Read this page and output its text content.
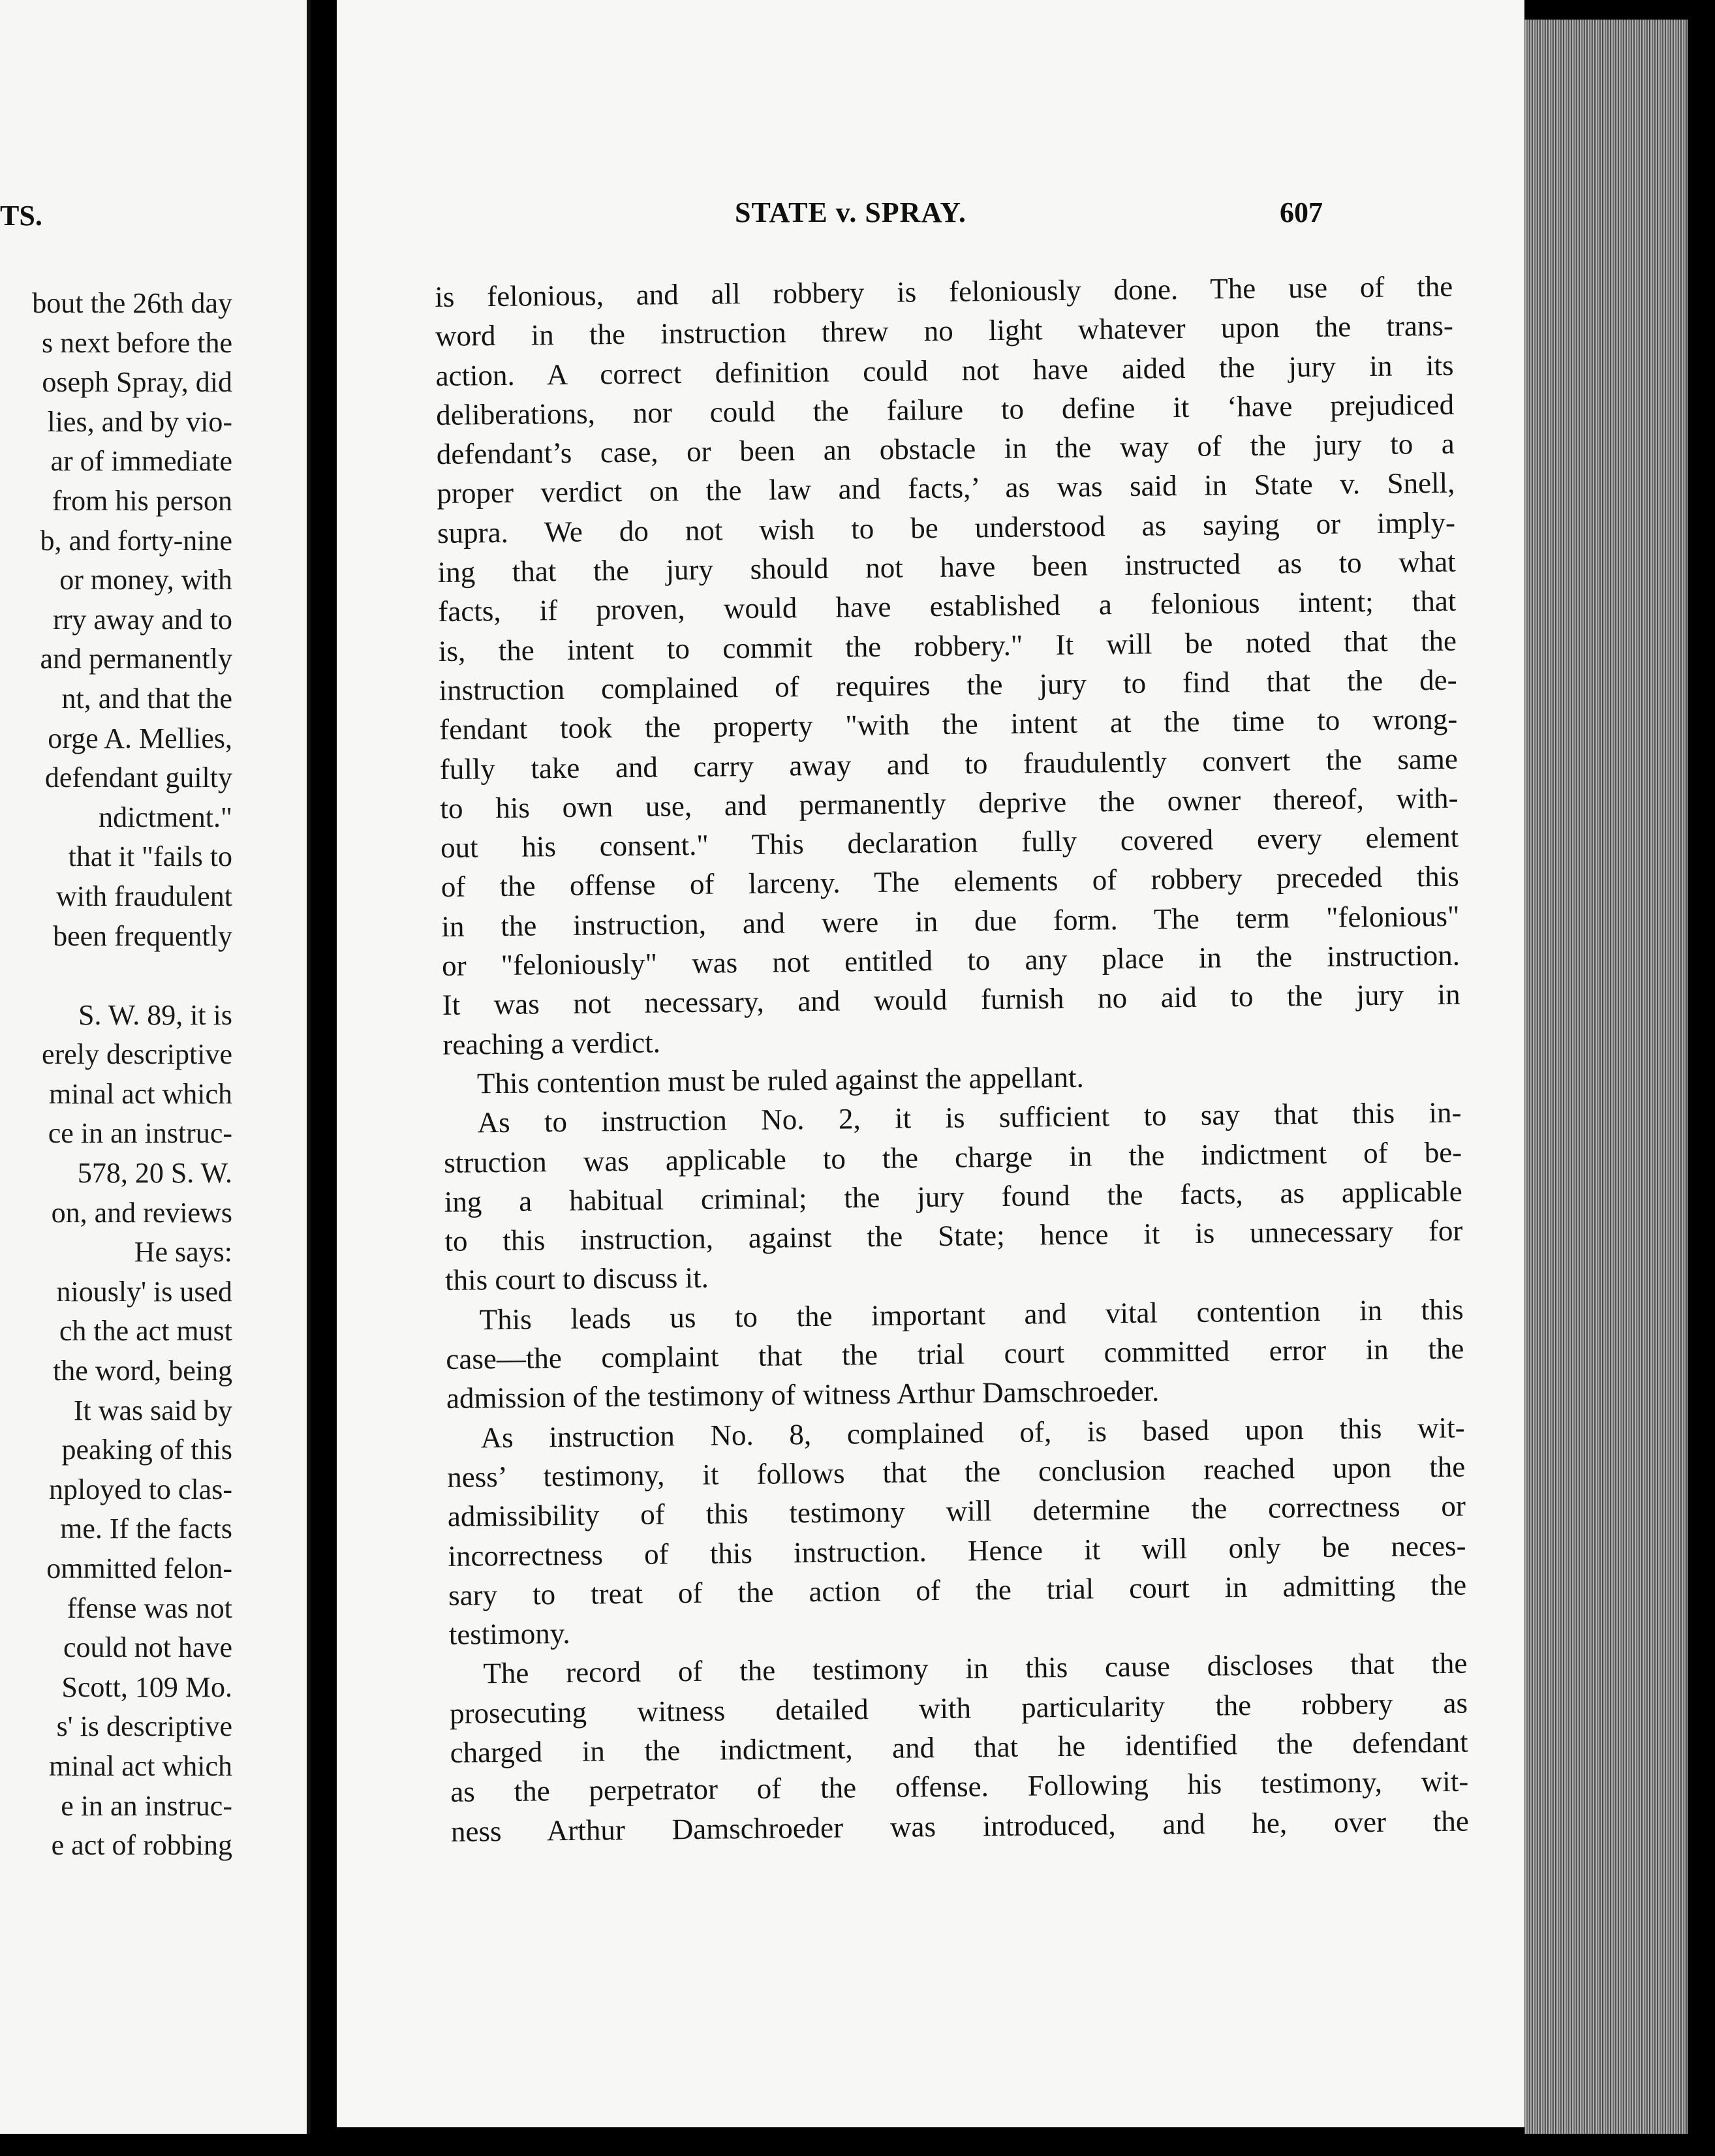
TS.
bout the 26th day
s next before the
oseph Spray, did
lies, and by vio-
ar of immediate
from his person
b, and forty-nine
or money, with
rry away and to
and permanently
nt, and that the
orge A. Mellies,
defendant guilty
ndictment."
that it "fails to
with fraudulent
been frequently
S. W. 89, it is
erely descriptive
minal act which
ce in an instruc-
578, 20 S. W.
on, and reviews
He says:
niously' is used
ch the act must
the word, being
It was said by
peaking of this
nployed to clas-
me. If the facts
ommitted felon-
ffense was not
could not have
Scott, 109 Mo.
s' is descriptive
minal act which
e in an instruc-
e act of robbing
STATE v. SPRAY.	607
is felonious, and all robbery is feloniously done. The use of the
word in the instruction threw no light whatever upon the trans-
action. A correct definition could not have aided the jury in its
deliberations, nor could the failure to define it ‘have prejudiced
defendant’s case, or been an obstacle in the way of the jury to a
proper verdict on the law and facts,’ as was said in State v. Snell,
supra. We do not wish to be understood as saying or imply-
ing that the jury should not have been instructed as to what
facts, if proven, would have established a felonious intent; that
is, the intent to commit the robbery." It will be noted that the
instruction complained of requires the jury to find that the de-
fendant took the property "with the intent at the time to wrong-
fully take and carry away and to fraudulently convert the same
to his own use, and permanently deprive the owner thereof, with-
out his consent." This declaration fully covered every element
of the offense of larceny. The elements of robbery preceded this
in the instruction, and were in due form. The term "felonious"
or "feloniously" was not entitled to any place in the instruction.
It was not necessary, and would furnish no aid to the jury in
reaching a verdict.
This contention must be ruled against the appellant.
As to instruction No. 2, it is sufficient to say that this in-
struction was applicable to the charge in the indictment of be-
ing a habitual criminal; the jury found the facts, as applicable
to this instruction, against the State; hence it is unnecessary for
this court to discuss it.
This leads us to the important and vital contention in this
case—the complaint that the trial court committed error in the
admission of the testimony of witness Arthur Damschroeder.
As instruction No. 8, complained of, is based upon this wit-
ness’ testimony, it follows that the conclusion reached upon the
admissibility of this testimony will determine the correctness or
incorrectness of this instruction. Hence it will only be neces-
sary to treat of the action of the trial court in admitting the
testimony.
The record of the testimony in this cause discloses that the
prosecuting witness detailed with particularity the robbery as
charged in the indictment, and that he identified the defendant
as the perpetrator of the offense. Following his testimony, wit-
ness Arthur Damschroeder was introduced, and he, over the
